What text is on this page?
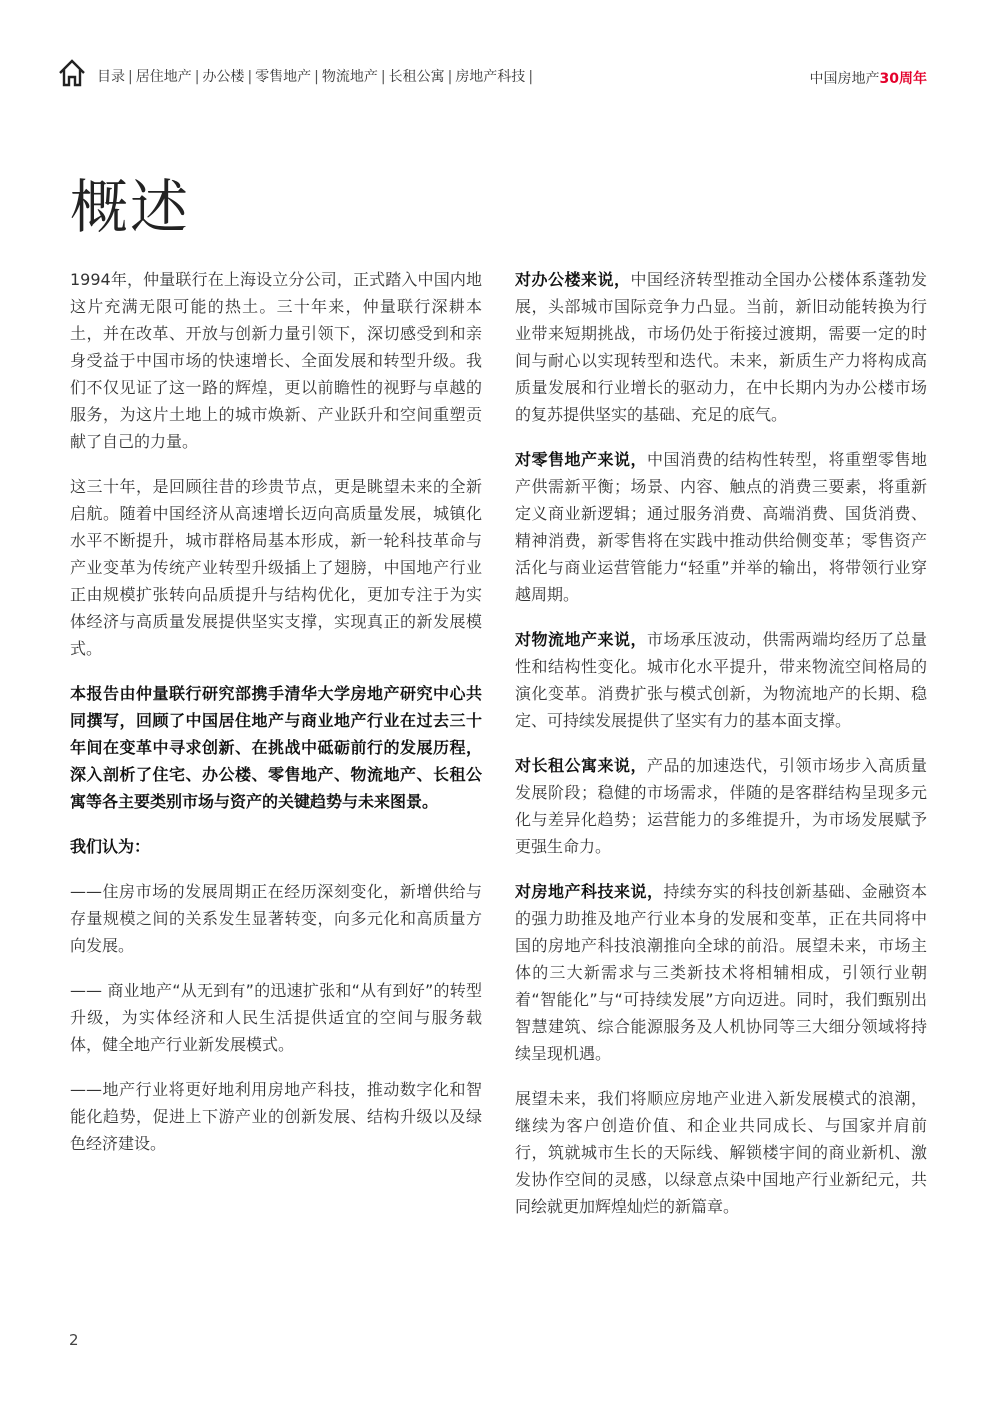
目录 | 居住地产 | 办公楼 | 零售地产 | 物流地产 | 长租公寓 | 房地产科技 |	中国房地产30周年
概述

1994年，仲量联行在上海设立分公司，正式踏入中国内地这片充满无限可能的热土。三十年来，仲量联行深耕本土，并在改革、开放与创新力量引领下，深切感受到和亲身受益于中国市场的快速增长、全面发展和转型升级。我们不仅见证了这一路的辉煌，更以前瞻性的视野与卓越的服务，为这片土地上的城市焕新、产业跃升和空间重塑贡献了自己的力量。

这三十年，是回顾往昔的珍贵节点，更是眺望未来的全新启航。随着中国经济从高速增长迈向高质量发展，城镇化水平不断提升，城市群格局基本形成，新一轮科技革命与产业变革为传统产业转型升级插上了翅膀，中国地产行业正由规模扩张转向品质提升与结构优化，更加专注于为实体经济与高质量发展提供坚实支撑，实现真正的新发展模式。

本报告由仲量联行研究部携手清华大学房地产研究中心共同撰写，回顾了中国居住地产与商业地产行业在过去三十年间在变革中寻求创新、在挑战中砥砺前行的发展历程，深入剖析了住宅、办公楼、零售地产、物流地产、长租公寓等各主要类别市场与资产的关键趋势与未来图景。

我们认为：

——住房市场的发展周期正在经历深刻变化，新增供给与存量规模之间的关系发生显著转变，向多元化和高质量方向发展。

—— 商业地产“从无到有”的迅速扩张和“从有到好”的转型升级，为实体经济和人民生活提供适宜的空间与服务载体，健全地产行业新发展模式。

——地产行业将更好地利用房地产科技，推动数字化和智能化趋势，促进上下游产业的创新发展、结构升级以及绿色经济建设。

对办公楼来说，中国经济转型推动全国办公楼体系蓬勃发展，头部城市国际竞争力凸显。当前，新旧动能转换为行业带来短期挑战，市场仍处于衔接过渡期，需要一定的时间与耐心以实现转型和迭代。未来，新质生产力将构成高质量发展和行业增长的驱动力，在中长期内为办公楼市场的复苏提供坚实的基础、充足的底气。

对零售地产来说，中国消费的结构性转型，将重塑零售地产供需新平衡；场景、内容、触点的消费三要素，将重新定义商业新逻辑；通过服务消费、高端消费、国货消费、精神消费，新零售将在实践中推动供给侧变革；零售资产活化与商业运营管能力“轻重”并举的输出，将带领行业穿越周期。

对物流地产来说，市场承压波动，供需两端均经历了总量性和结构性变化。城市化水平提升，带来物流空间格局的演化变革。消费扩张与模式创新，为物流地产的长期、稳定、可持续发展提供了坚实有力的基本面支撑。

对长租公寓来说，产品的加速迭代，引领市场步入高质量发展阶段；稳健的市场需求，伴随的是客群结构呈现多元化与差异化趋势；运营能力的多维提升，为市场发展赋予更强生命力。

对房地产科技来说，持续夯实的科技创新基础、金融资本的强力助推及地产行业本身的发展和变革，正在共同将中国的房地产科技浪潮推向全球的前沿。展望未来，市场主体的三大新需求与三类新技术将相辅相成，引领行业朝着“智能化”与“可持续发展”方向迈进。同时，我们甄别出智慧建筑、综合能源服务及人机协同等三大细分领域将持续呈现机遇。

展望未来，我们将顺应房地产业进入新发展模式的浪潮，继续为客户创造价值、和企业共同成长、与国家并肩前行，筑就城市生长的天际线、解锁楼宇间的商业新机、激发协作空间的灵感，以绿意点染中国地产行业新纪元，共同绘就更加辉煌灿烂的新篇章。

2
